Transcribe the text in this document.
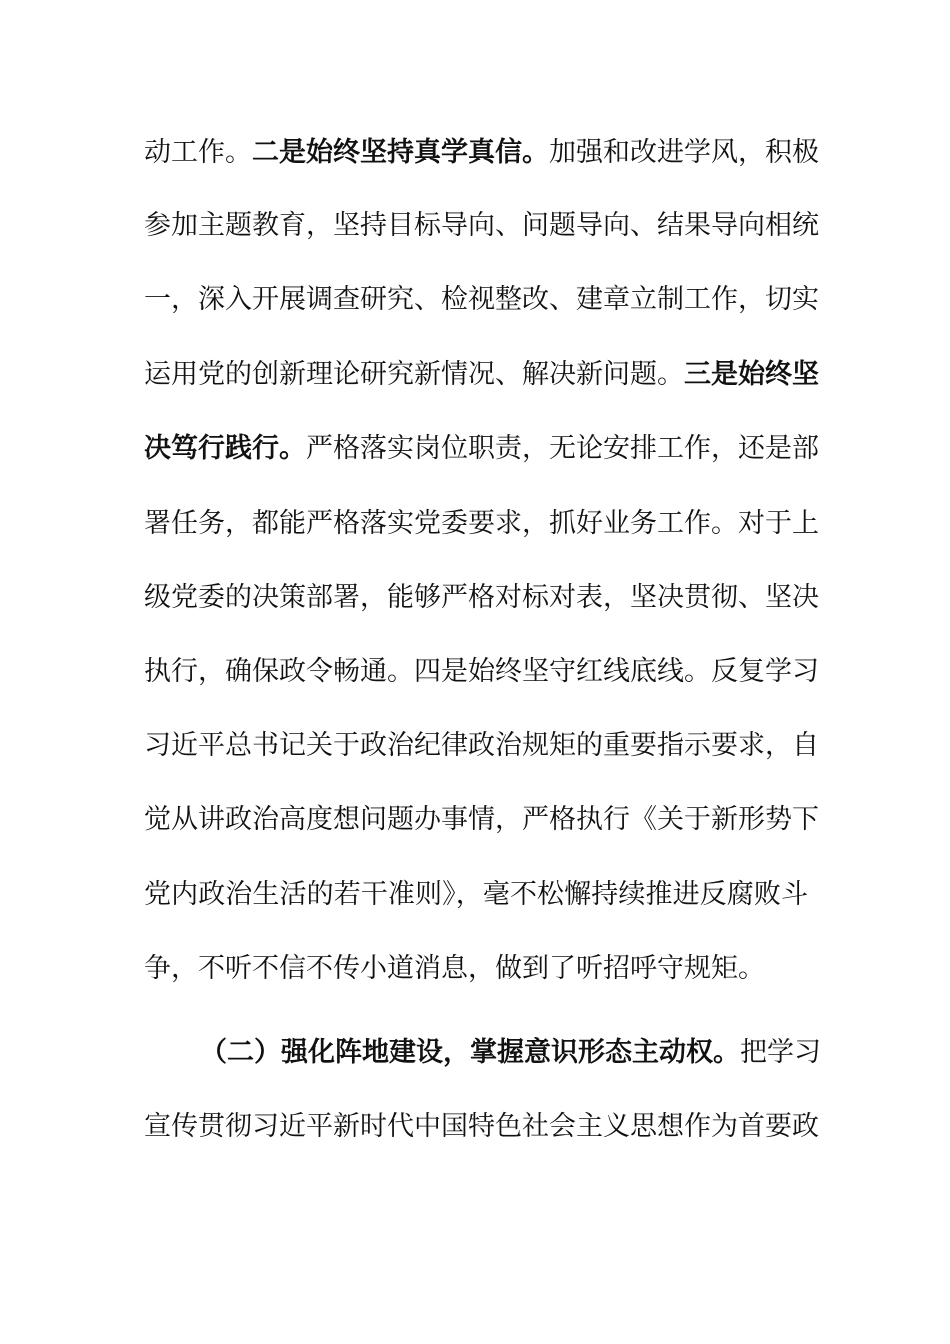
动工作。二是始终坚持真学真信。加强和改进学风，积极
参加主题教育，坚持目标导向、问题导向、结果导向相统
一，深入开展调查研究、检视整改、建章立制工作，切实
运用党的创新理论研究新情况、解决新问题。三是始终坚
决笃行践行。严格落实岗位职责，无论安排工作，还是部
署任务，都能严格落实党委要求，抓好业务工作。对于上
级党委的决策部署，能够严格对标对表，坚决贯彻、坚决
执行，确保政令畅通。四是始终坚守红线底线。反复学习
习近平总书记关于政治纪律政治规矩的重要指示要求，自
觉从讲政治高度想问题办事情，严格执行《关于新形势下
党内政治生活的若干准则》，毫不松懈持续推进反腐败斗
争，不听不信不传小道消息，做到了听招呼守规矩。
（二）强化阵地建设，掌握意识形态主动权。把学习
宣传贯彻习近平新时代中国特色社会主义思想作为首要政
